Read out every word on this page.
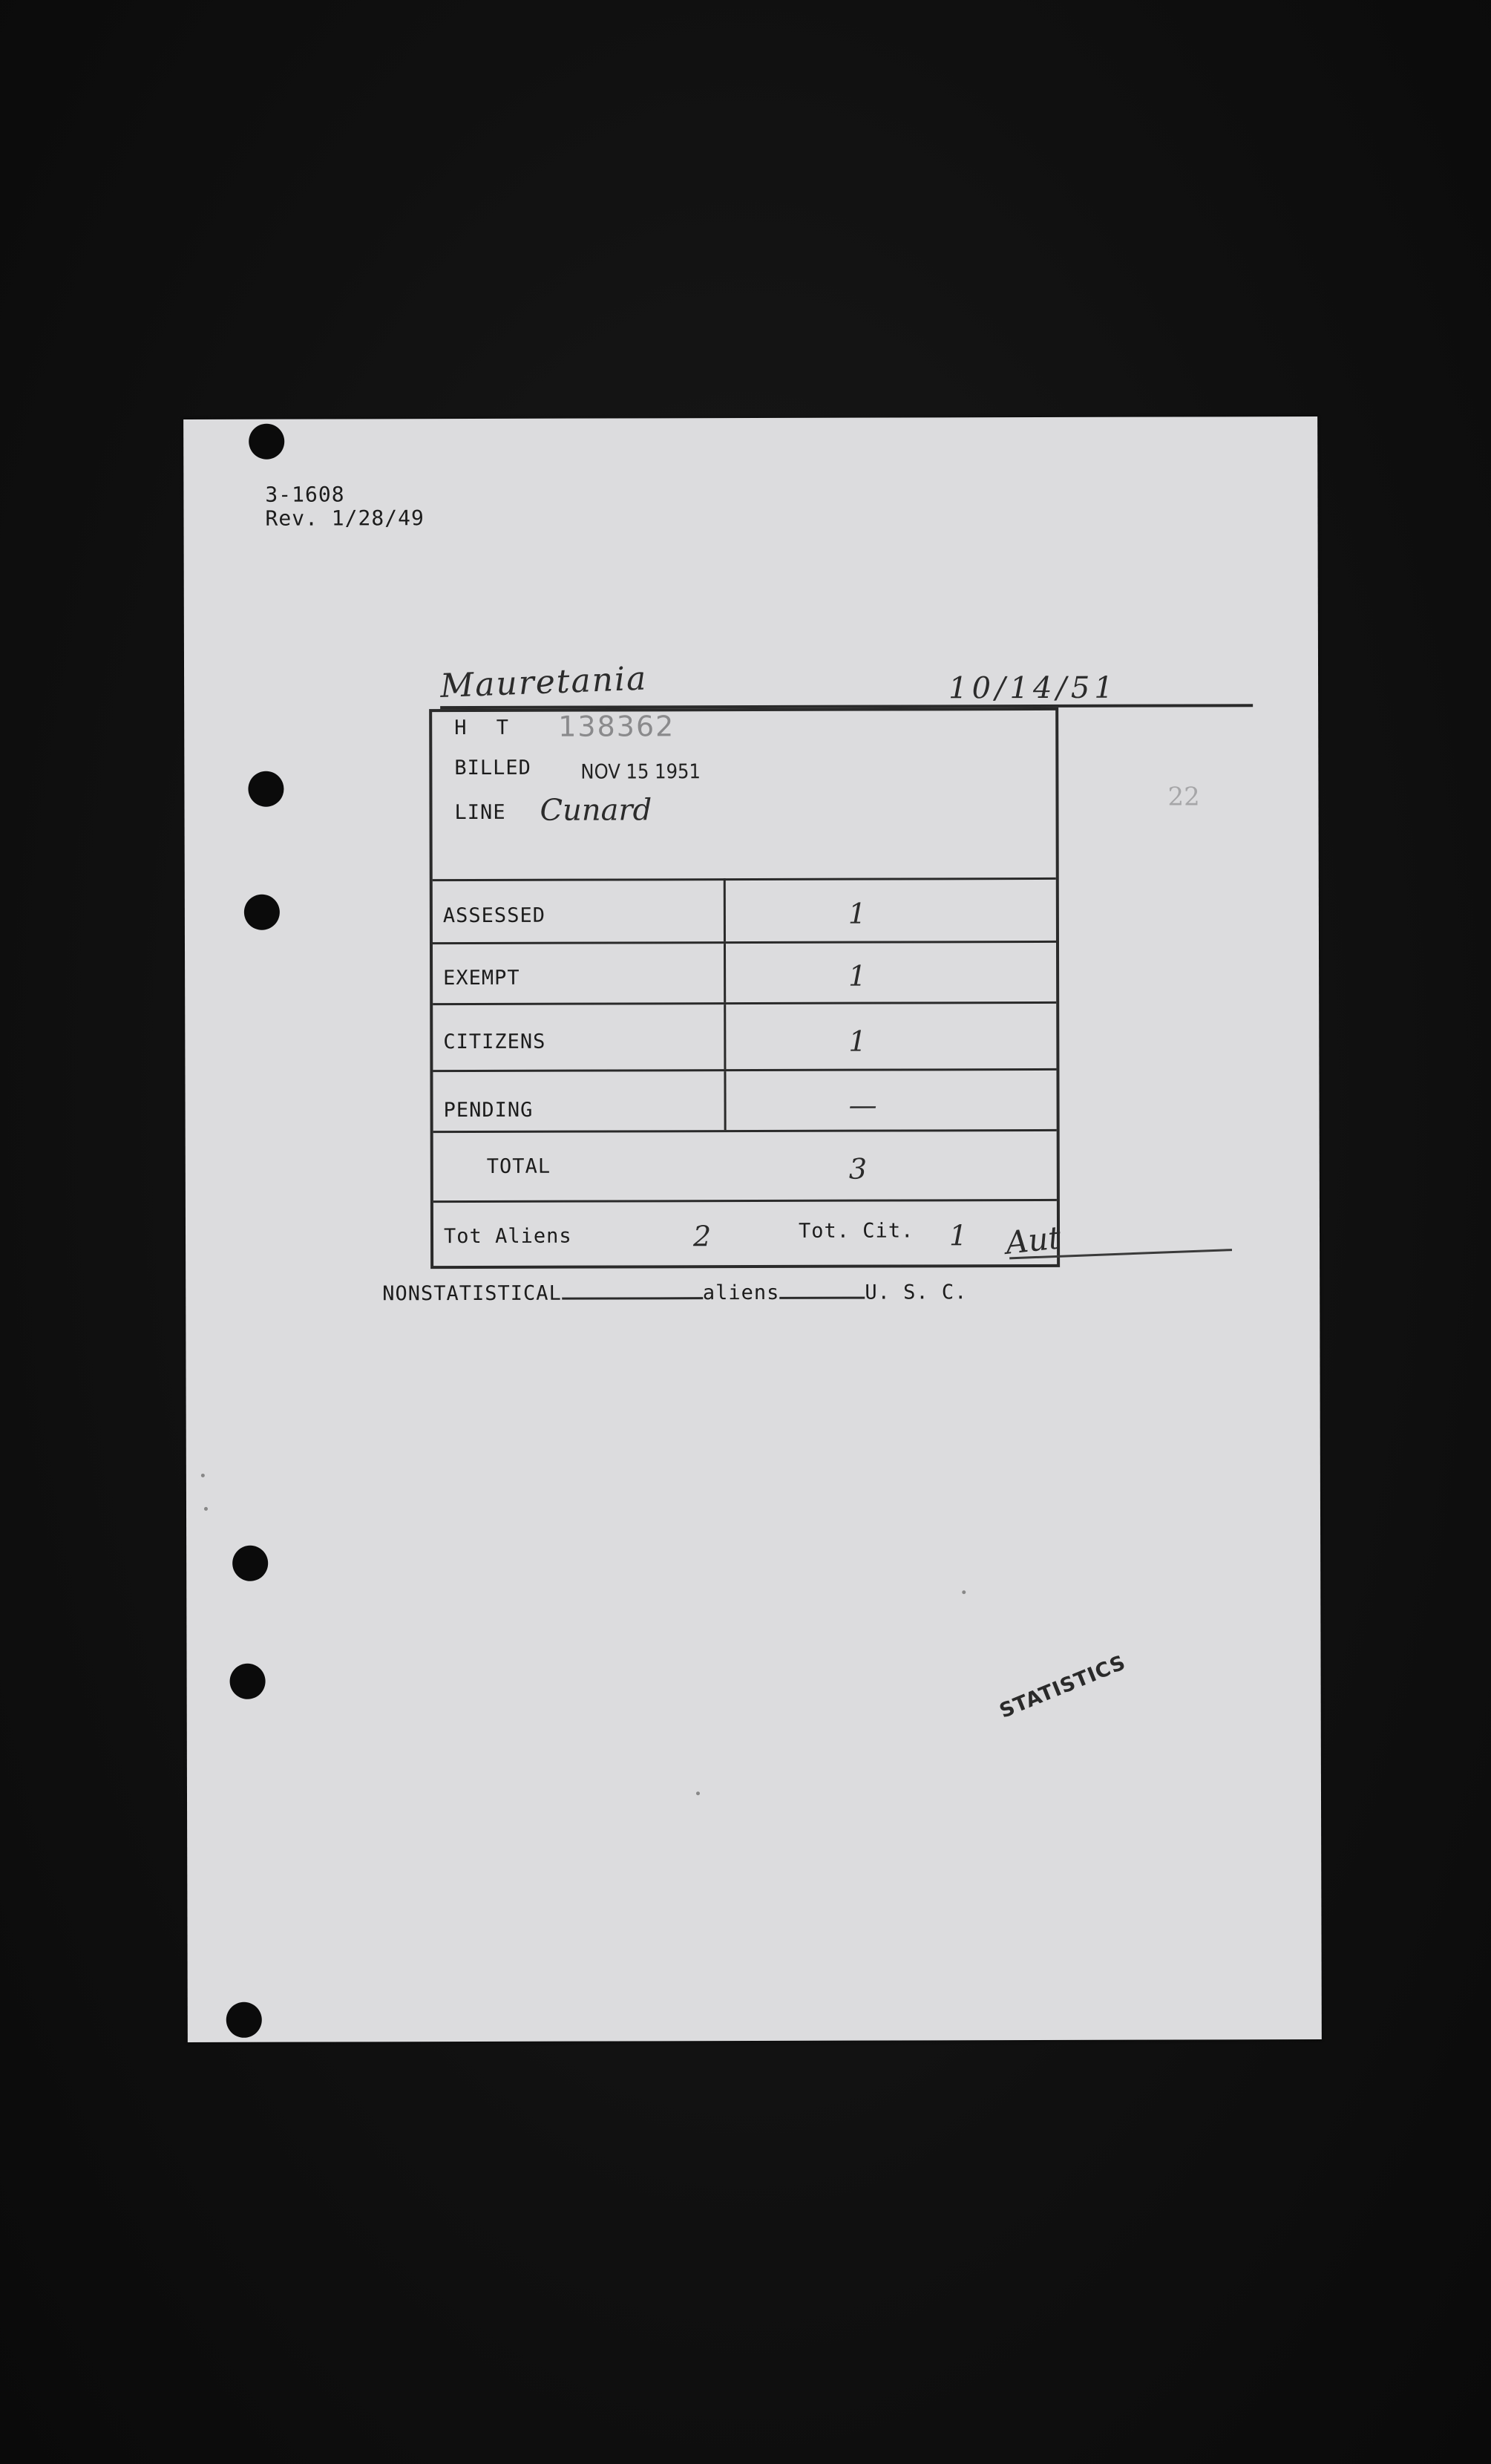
3-1608
Rev. 1/28/49
Mauretania	10/14/51
22
H T 138362
BILLED NOV 15 1951
LINE Cunard
ASSESSED	1
EXEMPT	1
CITIZENS	1
PENDING	—
TOTAL	3
Tot Aliens	2	Tot. Cit. 1 Aut
NONSTATISTICAL	aliens	U. S. C.
STATISTICS
